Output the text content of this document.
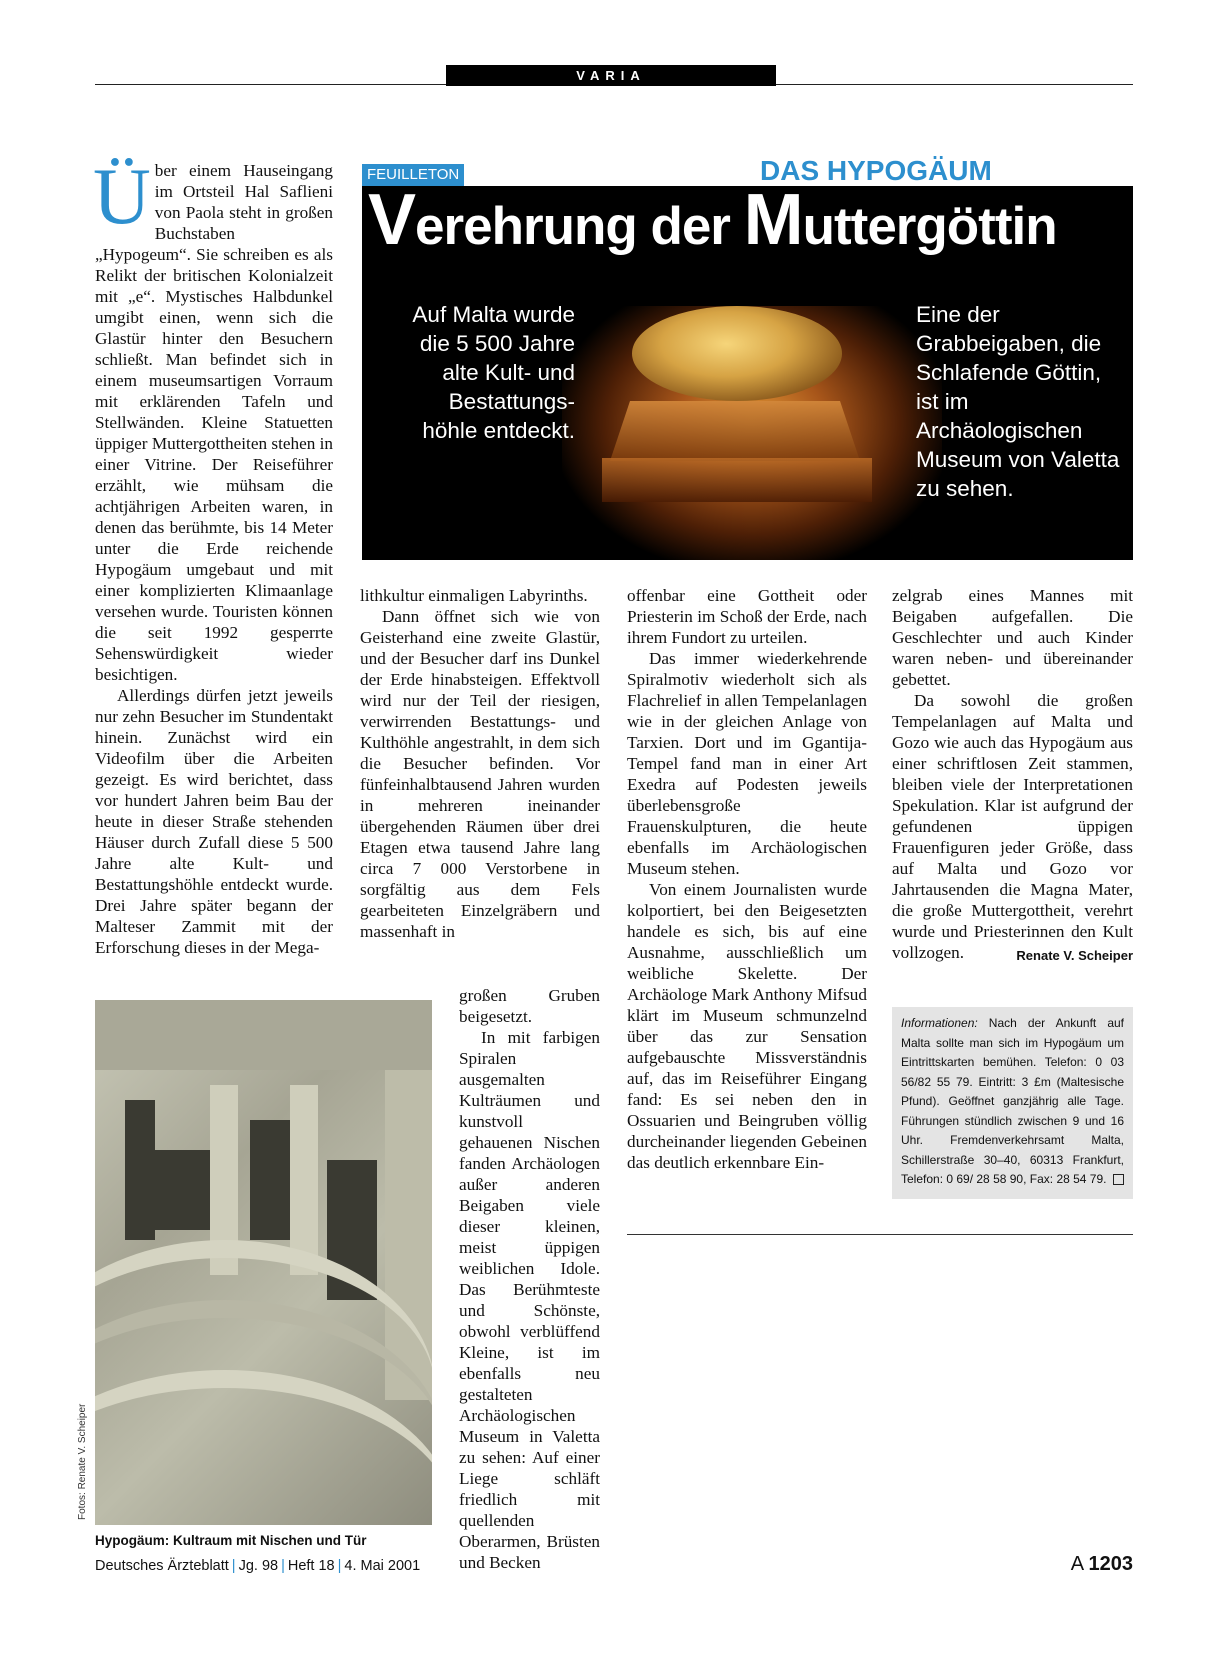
VARIA

Über einem Hauseingang im Ortsteil Hal Saflieni von Paola steht in großen Buchstaben „Hypogeum“. Sie schreiben es als Relikt der britischen Kolonialzeit mit „e“. Mystisches Halbdunkel umgibt einen, wenn sich die Glastür hinter den Besuchern schließt. Man befindet sich in einem museumsartigen Vorraum mit erklärenden Tafeln und Stellwänden. Kleine Statuetten üppiger Muttergottheiten stehen in einer Vitrine. Der Reiseführer erzählt, wie mühsam die achtjährigen Arbeiten waren, in denen das berühmte, bis 14 Meter unter die Erde reichende Hypogäum umgebaut und mit einer komplizierten Klimaanlage versehen wurde. Touristen können die seit 1992 gesperrte Sehenswürdigkeit wieder besichtigen.

Allerdings dürfen jetzt jeweils nur zehn Besucher im Stundentakt hinein. Zunächst wird ein Videofilm über die Arbeiten gezeigt. Es wird berichtet, dass vor hundert Jahren beim Bau der heute in dieser Straße stehenden Häuser durch Zufall diese 5 500 Jahre alte Kult- und Bestattungshöhle entdeckt wurde. Drei Jahre später begann der Malteser Zammit mit der Erforschung dieses in der Mega-

FEUILLETON	DAS HYPOGÄUM
Verehrung der Muttergöttin
Auf Malta wurde die 5 500 Jahre alte Kult- und Bestattungs- höhle entdeckt.
Eine der Grabbeigaben, die Schlafende Göttin, ist im Archäologischen Museum von Valetta zu sehen.

lithkultur einmaligen Labyrinths.

Dann öffnet sich wie von Geisterhand eine zweite Glastür, und der Besucher darf ins Dunkel der Erde hinabsteigen. Effektvoll wird nur der Teil der riesigen, verwirrenden Bestattungs- und Kulthöhle angestrahlt, in dem sich die Besucher befinden. Vor fünfeinhalbtausend Jahren wurden in mehreren ineinander übergehenden Räumen über drei Etagen etwa tausend Jahre lang circa 7 000 Verstorbene in sorgfältig aus dem Fels gearbeiteten Einzelgräbern und massenhaft in

großen Gruben beigesetzt.

In mit farbigen Spiralen ausgemalten Kulträumen und kunstvoll gehauenen Nischen fanden Archäologen außer anderen Beigaben viele dieser kleinen, meist üppigen weiblichen Idole. Das Berühmteste und Schönste, obwohl verblüffend Kleine, ist im ebenfalls neu gestalteten Archäologischen Museum in Valetta zu sehen: Auf einer Liege schläft friedlich mit quellenden Oberarmen, Brüsten und Becken

offenbar eine Gottheit oder Priesterin im Schoß der Erde, nach ihrem Fundort zu urteilen.

Das immer wiederkehrende Spiralmotiv wiederholt sich als Flachrelief in allen Tempelanlagen wie in der gleichen Anlage von Tarxien. Dort und im Ggantija-Tempel fand man in einer Art Exedra auf Podesten jeweils überlebensgroße Frauenskulpturen, die heute ebenfalls im Archäologischen Museum stehen.

Von einem Journalisten wurde kolportiert, bei den Beigesetzten handele es sich, bis auf eine Ausnahme, ausschließlich um weibliche Skelette. Der Archäologe Mark Anthony Mifsud klärt im Museum schmunzelnd über das zur Sensation aufgebauschte Missverständnis auf, das im Reiseführer Eingang fand: Es sei neben den in Ossuarien und Beingruben völlig durcheinander liegenden Gebeinen das deutlich erkennbare Ein-

zelgrab eines Mannes mit Beigaben aufgefallen. Die Geschlechter und auch Kinder waren neben- und übereinander gebettet.

Da sowohl die großen Tempelanlagen auf Malta und Gozo wie auch das Hypogäum aus einer schriftlosen Zeit stammen, bleiben viele der Interpretationen Spekulation. Klar ist aufgrund der gefundenen üppigen Frauenfiguren jeder Größe, dass auf Malta und Gozo vor Jahrtausenden die Magna Mater, die große Muttergottheit, verehrt wurde und Priesterinnen den Kult vollzogen.	Renate V. Scheiper

Informationen: Nach der Ankunft auf Malta sollte man sich im Hypogäum um Eintrittskarten bemühen. Telefon: 0 03 56/82 55 79. Eintritt: 3 £m (Maltesische Pfund). Geöffnet ganzjährig alle Tage. Führungen stündlich zwischen 9 und 16 Uhr. Fremdenverkehrsamt Malta, Schillerstraße 30–40, 60313 Frankfurt, Telefon: 0 69/ 28 58 90, Fax: 28 54 79.
Fotos: Renate V. Scheiper
Hypogäum: Kultraum mit Nischen und Tür
Deutsches Ärzteblatt | Jg. 98 | Heft 18 | 4. Mai 2001	A 1203
